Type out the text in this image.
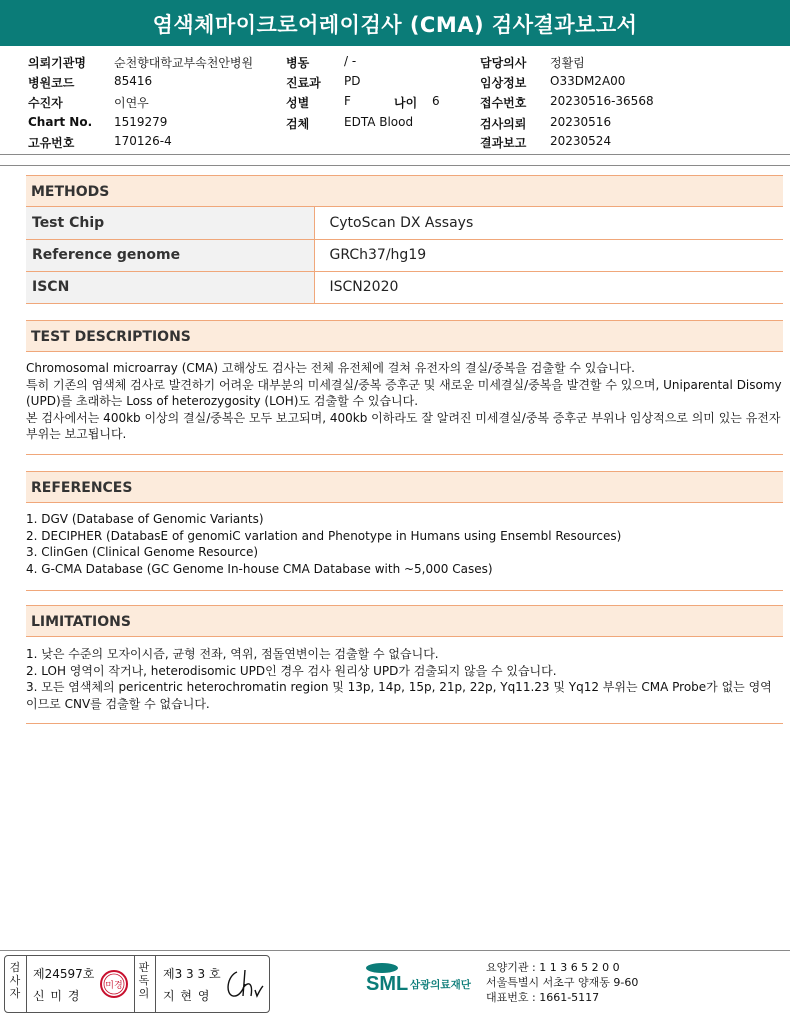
염색체마이크로어레이검사 (CMA) 검사결과보고서
의뢰기관명 순천향대학교부속천안병원	병동	/ -	담당의사 정활림
병원코드	85416	진료과 PD	임상정보 O33DM2A00
수진자	이연우	성별	F	나이 6	접수번호 20230516-36568
Chart No. 1519279	검체	EDTA Blood	검사의뢰 20230516
고유번호	170126-4	결과보고 20230524
METHODS
Test Chip	CytoScan DX Assays
Reference genome	GRCh37/hg19
ISCN	ISCN2020
TEST DESCRIPTIONS

Chromosomal microarray (CMA) 고해상도 검사는 전체 유전체에 걸쳐 유전자의 결실/중복을 검출할 수 있습니다.

특히 기존의 염색체 검사로 발견하기 어려운 대부분의 미세결실/중복 증후군 및 새로운 미세결실/중복을 발견할 수 있으며, Uniparental Disomy (UPD)를 초래하는 Loss of heterozygosity (LOH)도 검출할 수 있습니다.

본 검사에서는 400kb 이상의 결실/중복은 모두 보고되며, 400kb 이하라도 잘 알려진 미세결실/중복 증후군 부위나 임상적으로 의미 있는 유전자 부위는 보고됩니다.

REFERENCES

1. DGV (Database of Genomic Variants)

2. DECIPHER (DatabasE of genomiC varIation and Phenotype in Humans using Ensembl Resources)

3. ClinGen (Clinical Genome Resource)

4. G-CMA Database (GC Genome In-house CMA Database with ~5,000 Cases)

LIMITATIONS

1. 낮은 수준의 모자이시즘, 균형 전좌, 역위, 점돌연변이는 검출할 수 없습니다.

2. LOH 영역이 작거나, heterodisomic UPD인 경우 검사 원리상 UPD가 검출되지 않을 수 있습니다.

3. 모든 염색체의 pericentric heterochromatin region 및 13p, 14p, 15p, 21p, 22p, Yq11.23 및 Yq12 부위는 CMA Probe가 없는 영역이므로 CNV를 검출할 수 없습니다.

검
사
자
제24597호
신 미 경
미경
판
독
의
제3 3 3 호
지 현 영
SML 삼광의료재단
요양기관 : 1 1 3 6 5 2 0 0
서울특별시 서초구 양재동 9-60
대표번호 : 1661-5117
